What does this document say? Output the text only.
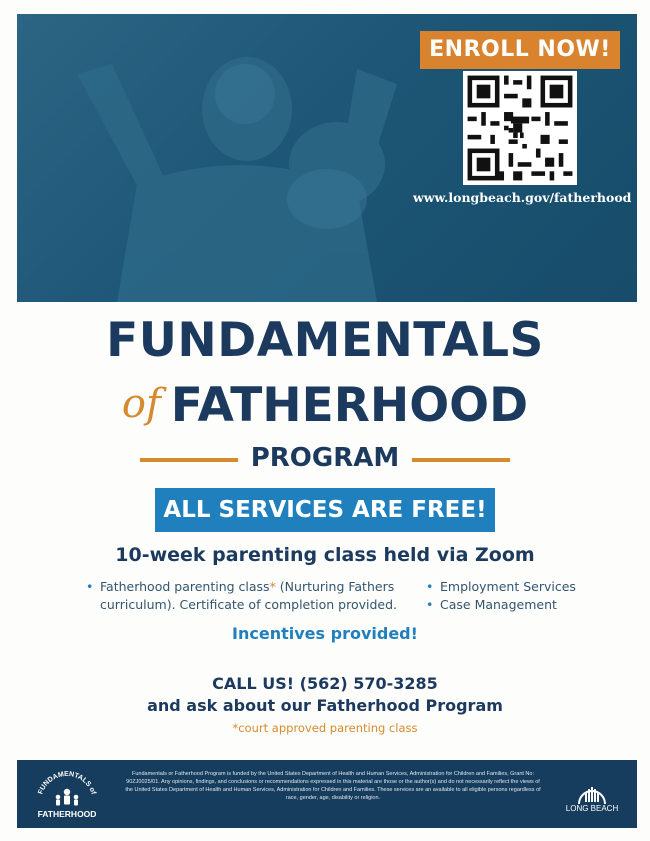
ENROLL NOW!
www.longbeach.gov/fatherhood
FUNDAMENTALS
of FATHERHOOD
PROGRAM
ALL SERVICES ARE FREE!
10-week parenting class held via Zoom
• Fatherhood parenting class* (Nurturing Fathers curriculum). Certificate of completion provided.
• Employment Services
• Case Management
Incentives provided!
CALL US! (562) 570-3285
and ask about our Fatherhood Program
*court approved parenting class
FUNDAMENTALS of
FATHERHOOD
Fundamentals or Fatherhood Program is funded by the United States Department of Health and Human Services, Administration for Children and Families, Grant No: 90ZJ0025/01. Any opinions, findings, and conclusions or recommendations expressed in this material are those or the author(s) and do not necessarily reflect the views of the United States Department of Health and Human Services, Administration for Children and Families. These services are an available to all eligible persons regardless of race, gender, age, disability or religion.
LONG BEACH
